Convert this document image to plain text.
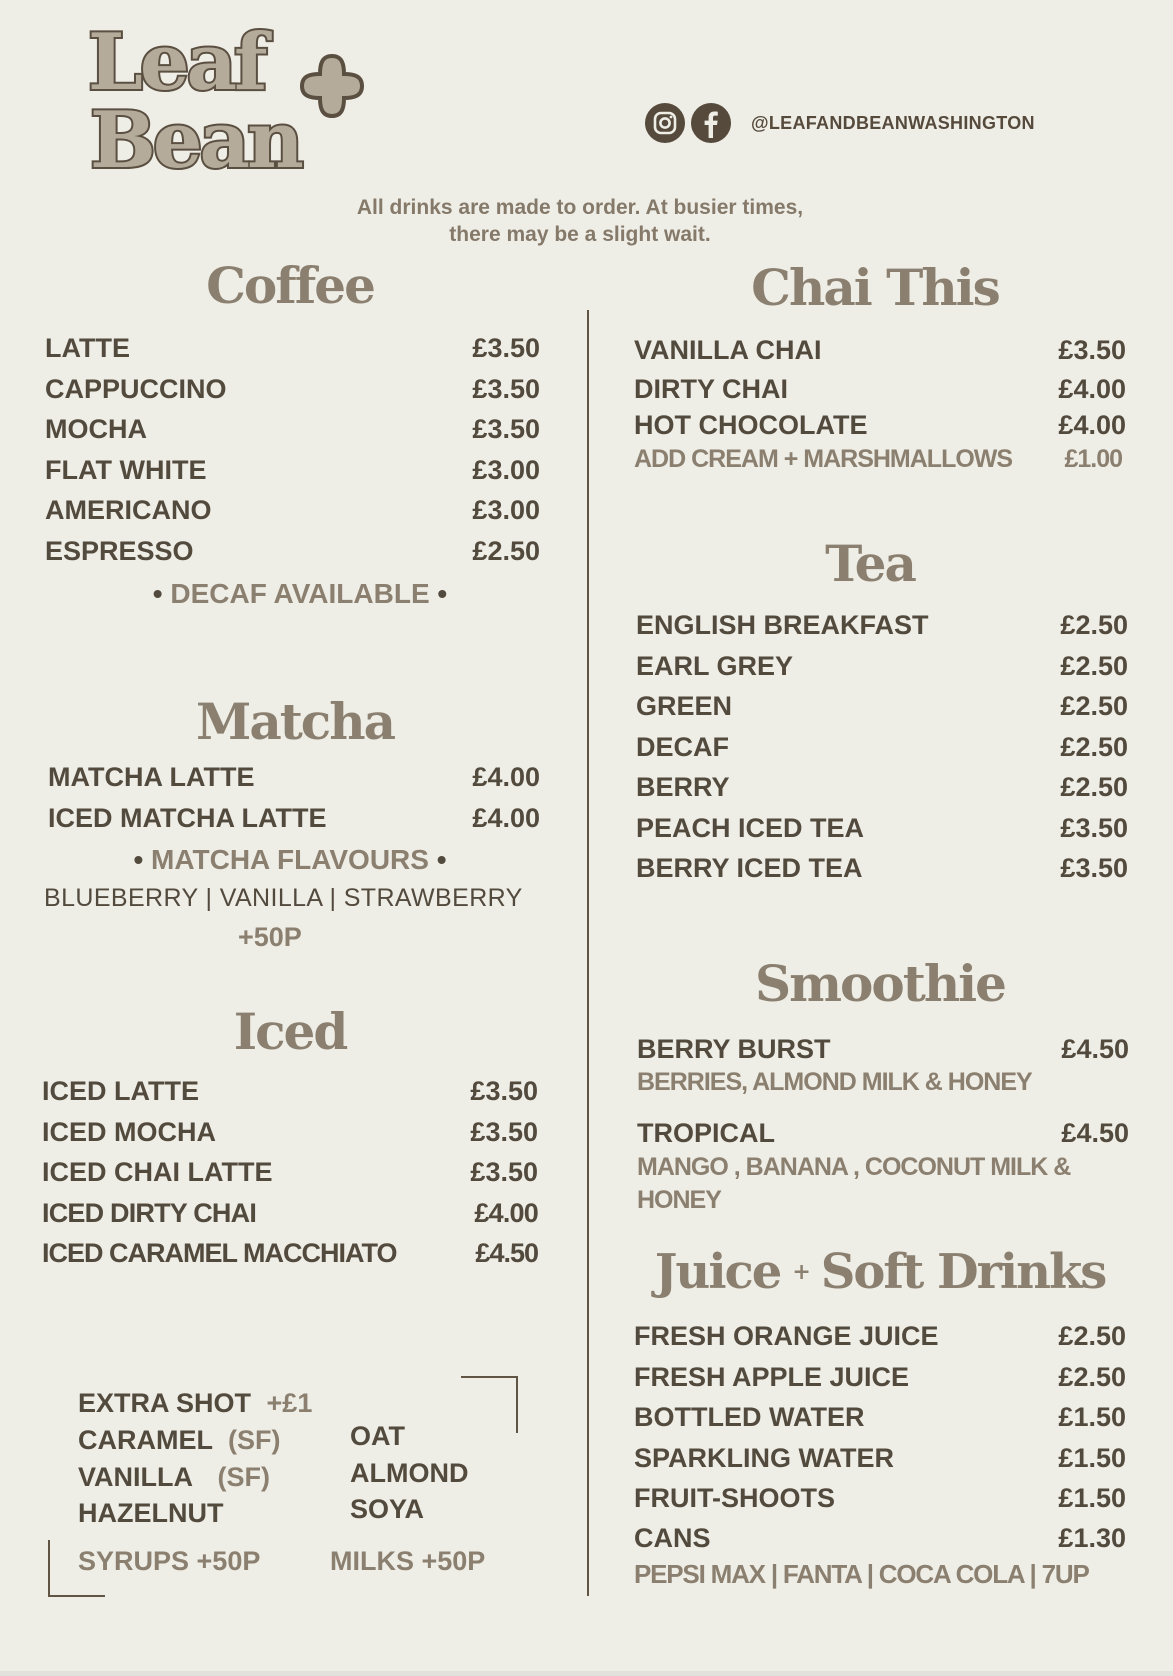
Leaf
Bean	@LEAFANDBEANWASHINGTON
All drinks are made to order. At busier times, there may be a slight wait.
Coffee
LATTE	£3.50
CAPPUCCINO	£3.50
MOCHA	£3.50
FLAT WHITE	£3.00
AMERICANO	£3.00
ESPRESSO	£2.50
• DECAF AVAILABLE •
Matcha
MATCHA LATTE	£4.00
ICED MATCHA LATTE	£4.00
• MATCHA FLAVOURS •
BLUEBERRY | VANILLA | STRAWBERRY
+50P
Iced
ICED LATTE	£3.50
ICED MOCHA	£3.50
ICED CHAI LATTE	£3.50
ICED DIRTY CHAI	£4.00
ICED CARAMEL MACCHIATO	£4.50
EXTRA SHOT +£1
CARAMEL (SF)
VANILLA (SF)
HAZELNUT
OAT
ALMOND
SOYA
SYRUPS +50P	MILKS +50P
Chai This
VANILLA CHAI	£3.50
DIRTY CHAI	£4.00
HOT CHOCOLATE	£4.00
ADD CREAM + MARSHMALLOWS £1.00
Tea
ENGLISH BREAKFAST	£2.50
EARL GREY	£2.50
GREEN	£2.50
DECAF	£2.50
BERRY	£2.50
PEACH ICED TEA	£3.50
BERRY ICED TEA	£3.50
Smoothie
BERRY BURST	£4.50
BERRIES, ALMOND MILK & HONEY
TROPICAL	£4.50
MANGO , BANANA , COCONUT MILK & HONEY
Juice + Soft Drinks
FRESH ORANGE JUICE	£2.50
FRESH APPLE JUICE	£2.50
BOTTLED WATER	£1.50
SPARKLING WATER	£1.50
FRUIT-SHOOTS	£1.50
CANS	£1.30
PEPSI MAX | FANTA | COCA COLA | 7UP
